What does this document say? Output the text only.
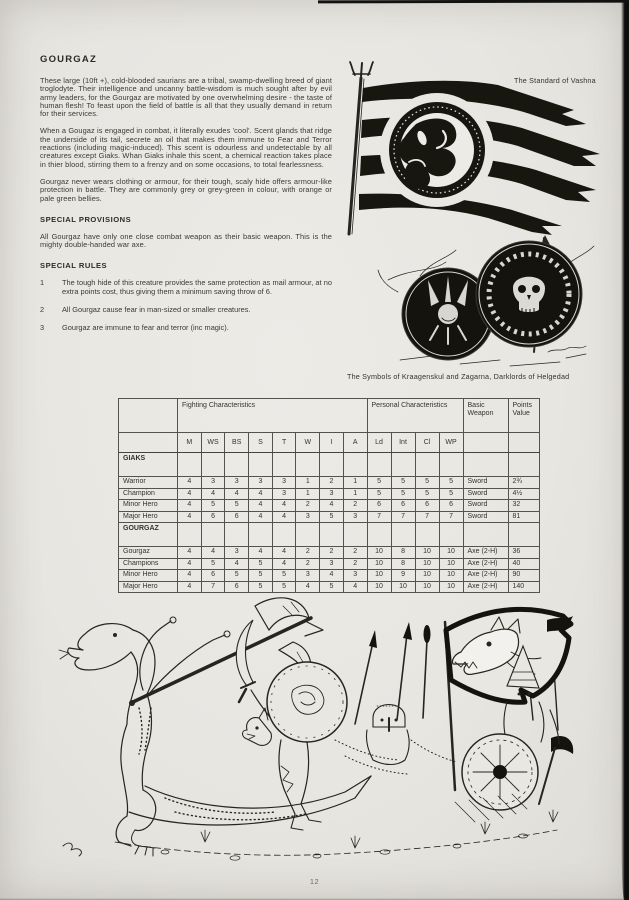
GOURGAZ

These large (10ft +), cold-blooded saurians are a tribal, swamp-dwelling breed of giant troglodyte. Their intelligence and uncanny battle-wisdom is much sought after by evil army leaders, for the Gourgaz are motivated by one overwhelming desire - the taste of human flesh! To feast upon the field of battle is all that they usually demand in return for their services.

When a Gougaz is engaged in combat, it literally exudes 'cool'. Scent glands that ridge the underside of its tail, secrete an oil that makes them immune to Fear and Terror reactions (including magic-induced). This scent is odourless and undetectable by all creatures except Giaks. Whan Giaks inhale this scent, a chemical reaction takes place in thier blood, stirring them to a frenzy and on some occasions, to total fearlessness.

Gourgaz never wears clothing or armour, for their tough, scaly hide offers armour-like protection in battle. They are commonly grey or grey-green in colour, with orange or pale green bellies.

SPECIAL PROVISIONS

All Gourgaz have only one close combat weapon as their basic weapon. This is the mighty double-handed war axe.

SPECIAL RULES
1	The tough hide of this creature provides the same protection as mail armour, at no extra points cost, thus giving them a minimum saving throw of 6.
2	All Gourgaz cause fear in man-sized or smaller creatures.
3	Gourgaz are immune to fear and terror (inc magic).
The Standard of Vashna
The Symbols of Kraagenskul and Zagarna, Darklords of Helgedad
	Fighting Characteristics								Personal Characteristics				Basic Weapon	Points Value
	M	WS	BS	S	T	W	I	A	Ld	Int	Cl	WP		
GIAKS														
Warrior	4	3	3	3	3	1	2	1	5	5	5	5	Sword	2¾
Champion	4	4	4	4	3	1	3	1	5	5	5	5	Sword	4½
Minor Hero	4	5	5	4	4	2	4	2	6	6	6	6	Sword	32
Major Hero	4	6	6	4	4	3	5	3	7	7	7	7	Sword	81
GOURGAZ														
Gourgaz	4	4	3	4	4	2	2	2	10	8	10	10	Axe (2-H)	36
Champions	4	5	4	5	4	2	3	2	10	8	10	10	Axe (2-H)	40
Minor Hero	4	6	5	5	5	3	4	3	10	9	10	10	Axe (2-H)	90
Major Hero	4	7	6	5	5	4	5	4	10	10	10	10	Axe (2-H)	140
12
